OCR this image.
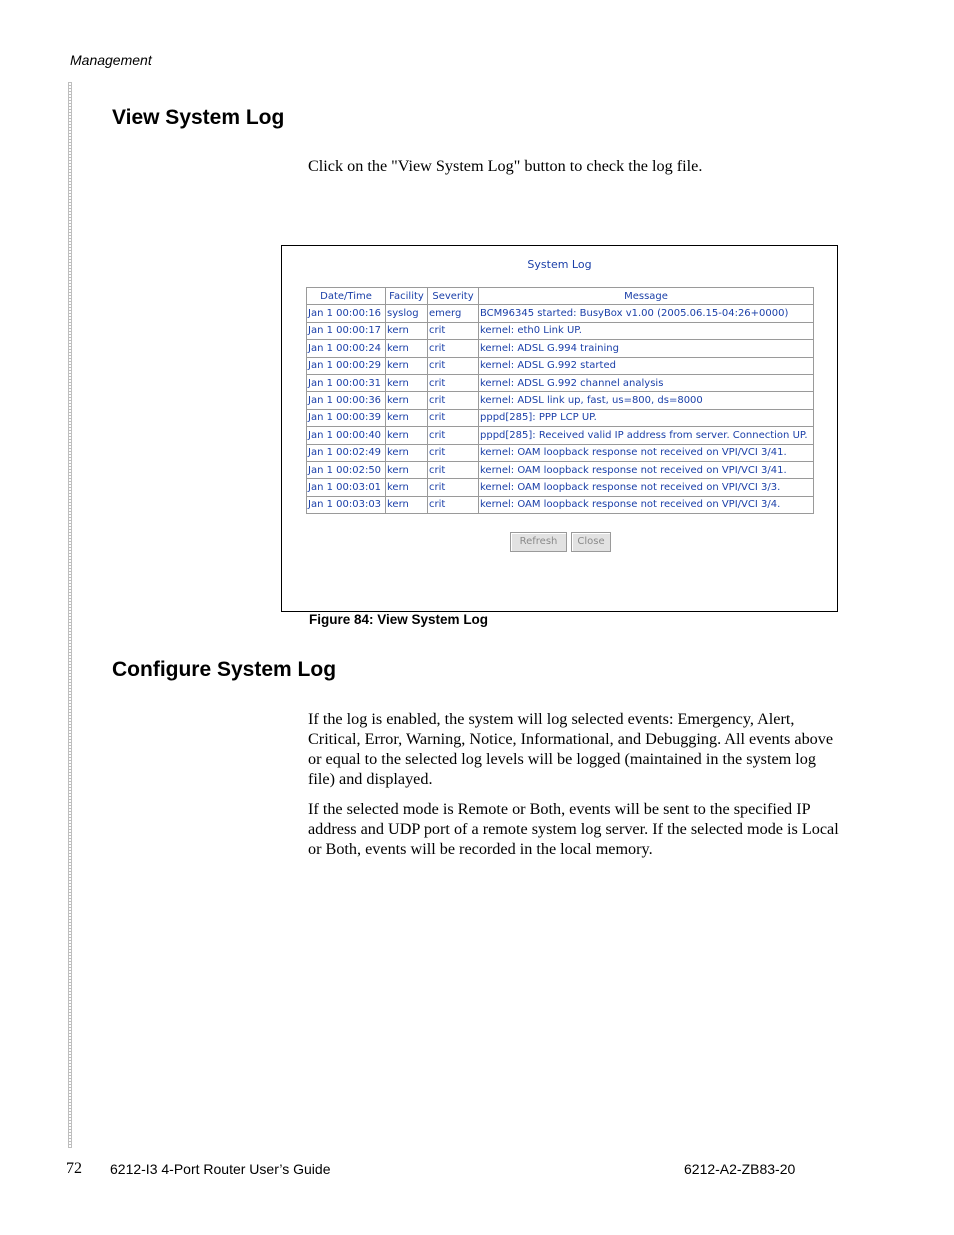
Management
View System Log

Click on the "View System Log" button to check the log file.

System Log
Date/Time	Facility	Severity	Message
Jan 1 00:00:16	syslog	emerg	BCM96345 started: BusyBox v1.00 (2005.06.15-04:26+0000)
Jan 1 00:00:17	kern	crit	kernel: eth0 Link UP.
Jan 1 00:00:24	kern	crit	kernel: ADSL G.994 training
Jan 1 00:00:29	kern	crit	kernel: ADSL G.992 started
Jan 1 00:00:31	kern	crit	kernel: ADSL G.992 channel analysis
Jan 1 00:00:36	kern	crit	kernel: ADSL link up, fast, us=800, ds=8000
Jan 1 00:00:39	kern	crit	pppd[285]: PPP LCP UP.
Jan 1 00:00:40	kern	crit	pppd[285]: Received valid IP address from server. Connection UP.
Jan 1 00:02:49	kern	crit	kernel: OAM loopback response not received on VPI/VCI 3/41.
Jan 1 00:02:50	kern	crit	kernel: OAM loopback response not received on VPI/VCI 3/41.
Jan 1 00:03:01	kern	crit	kernel: OAM loopback response not received on VPI/VCI 3/3.
Jan 1 00:03:03	kern	crit	kernel: OAM loopback response not received on VPI/VCI 3/4.
Refresh	Close
Figure 84: View System Log
Configure System Log

If the log is enabled, the system will log selected events: Emergency, Alert, Critical, Error, Warning, Notice, Informational, and Debugging. All events above or equal to the selected log levels will be logged (maintained in the system log file) and displayed.

If the selected mode is Remote or Both, events will be sent to the specified IP address and UDP port of a remote system log server. If the selected mode is Local or Both, events will be recorded in the local memory.

72 6212-I3 4-Port Router User’s Guide	6212-A2-ZB83-20
